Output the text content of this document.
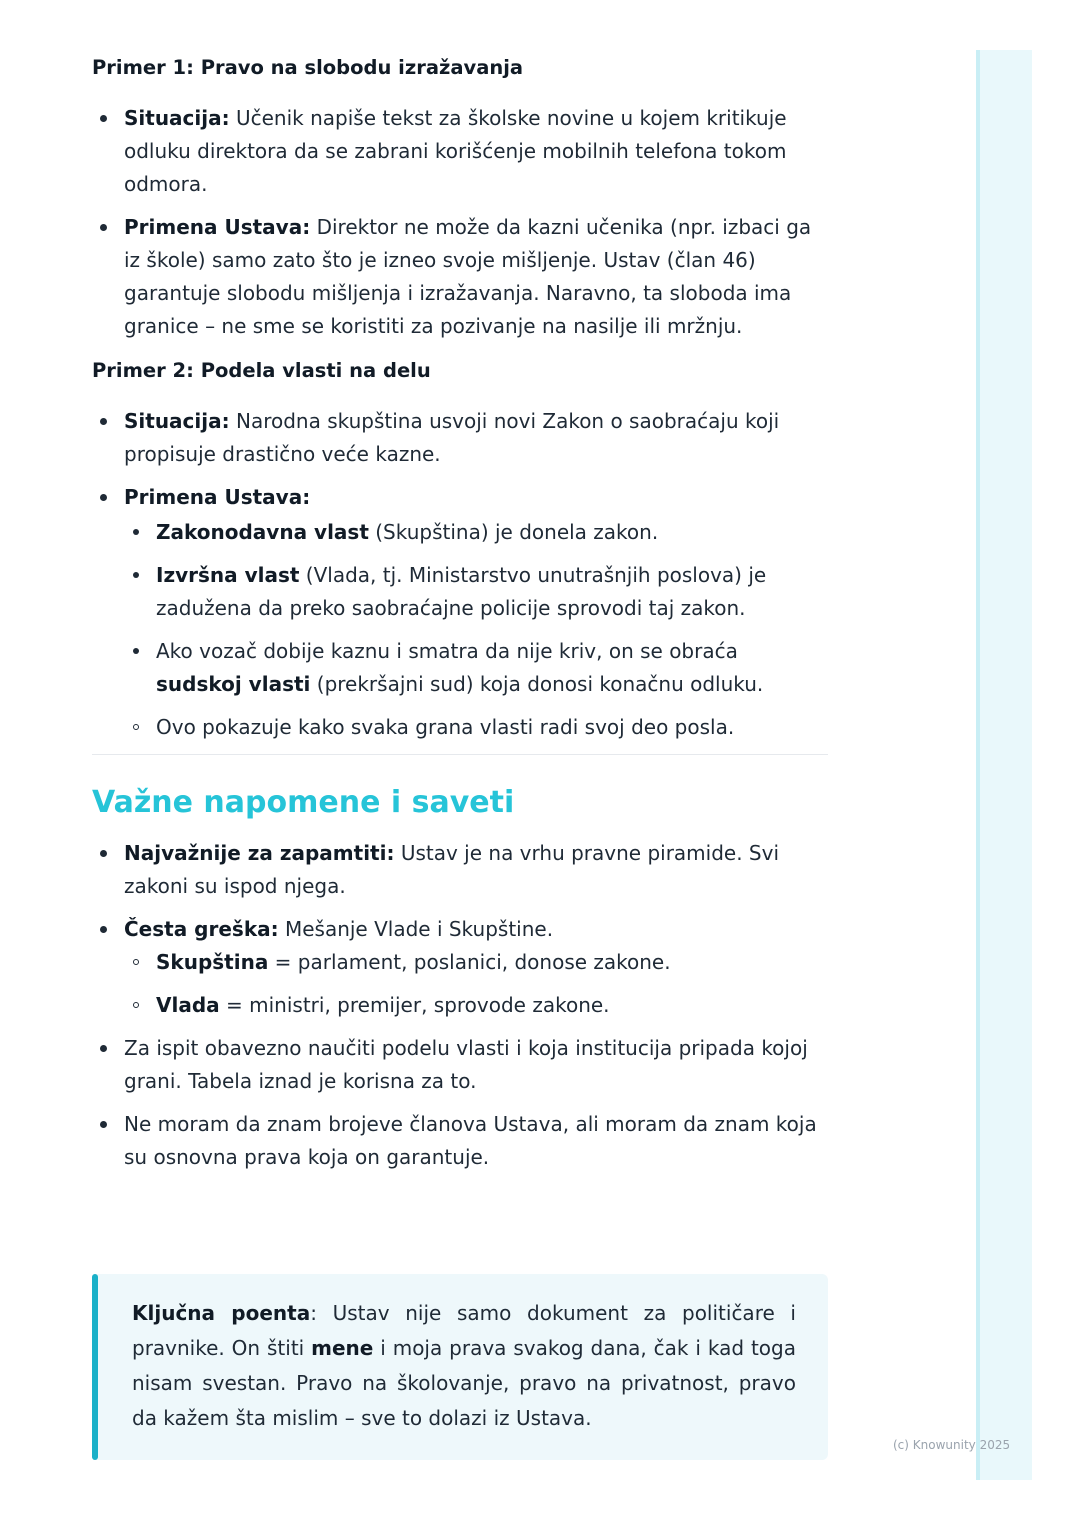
Primer 1: Pravo na slobodu izražavanja
Situacija: Učenik napiše tekst za školske novine u kojem kritikuje odluku direktora da se zabrani korišćenje mobilnih telefona tokom odmora.
Primena Ustava: Direktor ne može da kazni učenika (npr. izbaci ga iz škole) samo zato što je izneo svoje mišljenje. Ustav (član 46) garantuje slobodu mišljenja i izražavanja. Naravno, ta sloboda ima granice – ne sme se koristiti za pozivanje na nasilje ili mržnju.
Primer 2: Podela vlasti na delu
Situacija: Narodna skupština usvoji novi Zakon o saobraćaju koji propisuje drastično veće kazne.
Primena Ustava:
Zakonodavna vlast (Skupština) je donela zakon.
Izvršna vlast (Vlada, tj. Ministarstvo unutrašnjih poslova) je zadužena da preko saobraćajne policije sprovodi taj zakon.
Ako vozač dobije kaznu i smatra da nije kriv, on se obraća sudskoj vlasti (prekršajni sud) koja donosi konačnu odluku.
Ovo pokazuje kako svaka grana vlasti radi svoj deo posla.
Važne napomene i saveti
Najvažnije za zapamtiti: Ustav je na vrhu pravne piramide. Svi zakoni su ispod njega.
Česta greška: Mešanje Vlade i Skupštine.
Skupština = parlament, poslanici, donose zakone.
Vlada = ministri, premijer, sprovode zakone.
Za ispit obavezno naučiti podelu vlasti i koja institucija pripada kojoj grani. Tabela iznad je korisna za to.
Ne moram da znam brojeve članova Ustava, ali moram da znam koja su osnovna prava koja on garantuje.
Ključna poenta: Ustav nije samo dokument za političare i pravnike. On štiti mene i moja prava svakog dana, čak i kad toga nisam svestan. Pravo na školovanje, pravo na privatnost, pravo da kažem šta mislim – sve to dolazi iz Ustava.
(c) Knowunity 2025
